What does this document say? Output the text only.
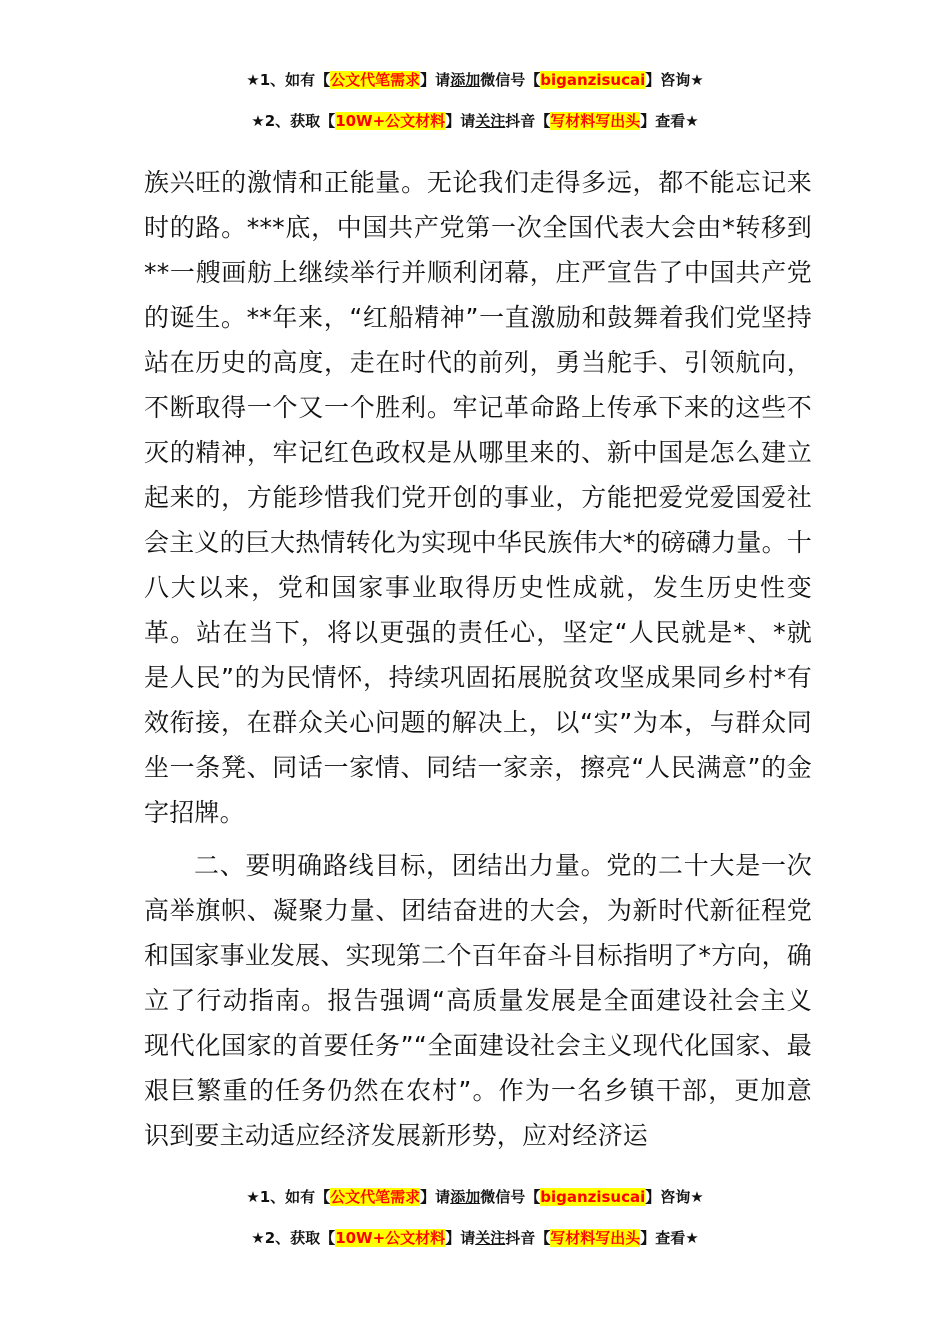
★1、如有【公文代笔需求】请添加微信号【biganzisucai】咨询★
★2、获取【10W+公文材料】请关注抖音【写材料写出头】查看★

族兴旺的激情和正能量。无论我们走得多远，都不能忘记来时的路。***底，中国共产党第一次全国代表大会由*转移到**一艘画舫上继续举行并顺利闭幕，庄严宣告了中国共产党的诞生。**年来，“红船精神”一直激励和鼓舞着我们党坚持站在历史的高度，走在时代的前列，勇当舵手、引领航向，不断取得一个又一个胜利。牢记革命路上传承下来的这些不灭的精神，牢记红色政权是从哪里来的、新中国是怎么建立起来的，方能珍惜我们党开创的事业，方能把爱党爱国爱社会主义的巨大热情转化为实现中华民族伟大*的磅礴力量。十八大以来，党和国家事业取得历史性成就，发生历史性变革。站在当下，将以更强的责任心，坚定“人民就是*、*就是人民”的为民情怀，持续巩固拓展脱贫攻坚成果同乡村*有效衔接，在群众关心问题的解决上，以“实”为本，与群众同坐一条凳、同话一家情、同结一家亲，擦亮“人民满意”的金字招牌。

二、要明确路线目标，团结出力量。党的二十大是一次高举旗帜、凝聚力量、团结奋进的大会，为新时代新征程党和国家事业发展、实现第二个百年奋斗目标指明了*方向，确立了行动指南。报告强调“高质量发展是全面建设社会主义现代化国家的首要任务”“全面建设社会主义现代化国家、最艰巨繁重的任务仍然在农村”。作为一名乡镇干部，更加意识到要主动适应经济发展新形势，应对经济运

★1、如有【公文代笔需求】请添加微信号【biganzisucai】咨询★
★2、获取【10W+公文材料】请关注抖音【写材料写出头】查看★
